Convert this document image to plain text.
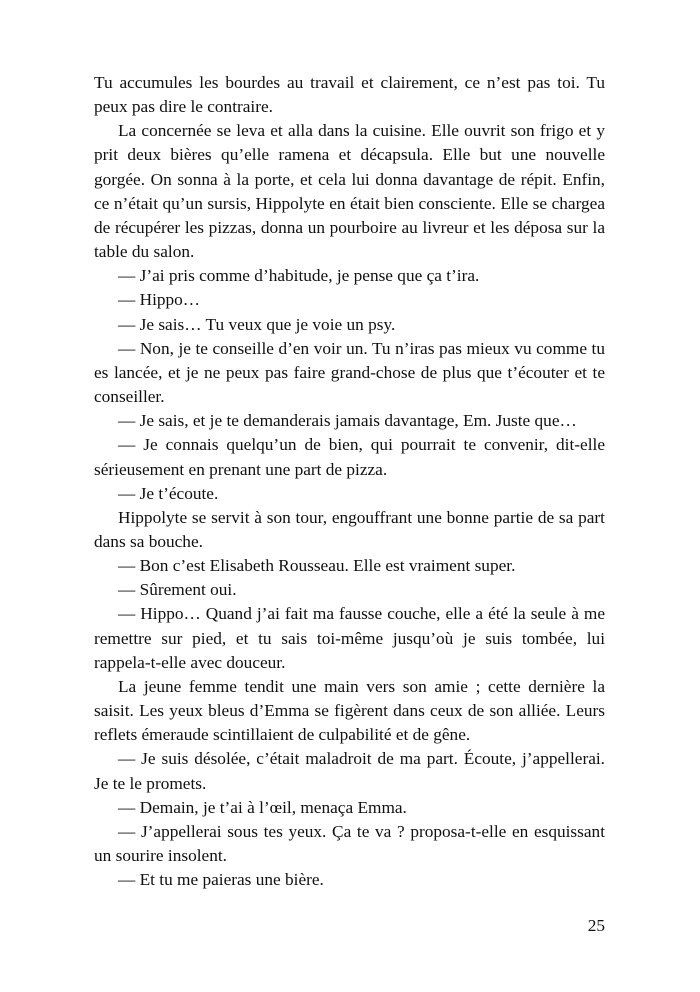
Tu accumules les bourdes au travail et clairement, ce n’est pas toi. Tu peux pas dire le contraire.

La concernée se leva et alla dans la cuisine. Elle ouvrit son frigo et y prit deux bières qu’elle ramena et décapsula. Elle but une nouvelle gorgée. On sonna à la porte, et cela lui donna davantage de répit. Enfin, ce n’était qu’un sursis, Hippolyte en était bien consciente. Elle se chargea de récupérer les pizzas, donna un pourboire au livreur et les déposa sur la table du salon.

— J’ai pris comme d’habitude, je pense que ça t’ira.

— Hippo…

— Je sais… Tu veux que je voie un psy.

— Non, je te conseille d’en voir un. Tu n’iras pas mieux vu comme tu es lancée, et je ne peux pas faire grand-chose de plus que t’écouter et te conseiller.

— Je sais, et je te demanderais jamais davantage, Em. Juste que…

— Je connais quelqu’un de bien, qui pourrait te convenir, dit-elle sérieusement en prenant une part de pizza.

— Je t’écoute.

Hippolyte se servit à son tour, engouffrant une bonne partie de sa part dans sa bouche.

— Bon c’est Elisabeth Rousseau. Elle est vraiment super.

— Sûrement oui.

— Hippo… Quand j’ai fait ma fausse couche, elle a été la seule à me remettre sur pied, et tu sais toi-même jusqu’où je suis tombée, lui rappela-t-elle avec douceur.

La jeune femme tendit une main vers son amie ; cette dernière la saisit. Les yeux bleus d’Emma se figèrent dans ceux de son alliée. Leurs reflets émeraude scintillaient de culpabilité et de gêne.

— Je suis désolée, c’était maladroit de ma part. Écoute, j’appellerai. Je te le promets.

— Demain, je t’ai à l’œil, menaça Emma.

— J’appellerai sous tes yeux. Ça te va ? proposa-t-elle en esquissant un sourire insolent.

— Et tu me paieras une bière.

25
